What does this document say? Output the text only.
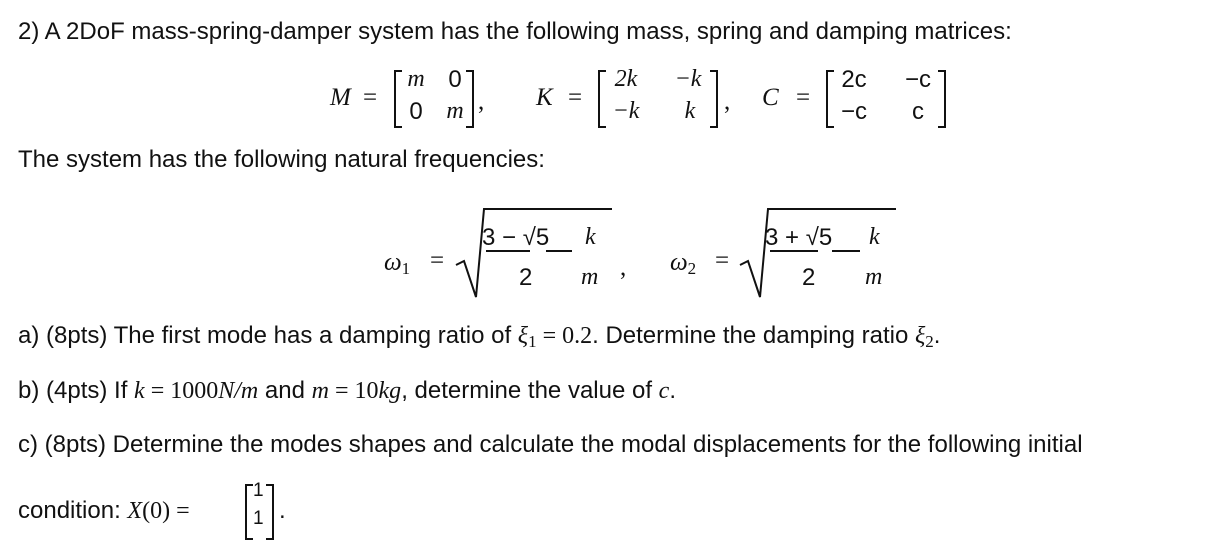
2) A 2DoF mass-spring-damper system has the following mass, spring and damping matrices:
M =
m 0
0 m , K =
2k	−k
−k	k	, C =
2c	−c
−c	c
The system has the following natural frequencies:
$\omega_1$ =
3 − √5 k
2 m , $\omega_2$ =
3 + √5 k
2 m
a) (8pts) The first mode has a damping ratio of $\xi_1 = 0.2$. Determine the damping ratio $\xi_2$.
b) (4pts) If k = 1000N/m and m = 10kg, determine the value of c.
c) (8pts) Determine the modes shapes and calculate the modal displacements for the following initial
condition: X(0) =
1
1 .
